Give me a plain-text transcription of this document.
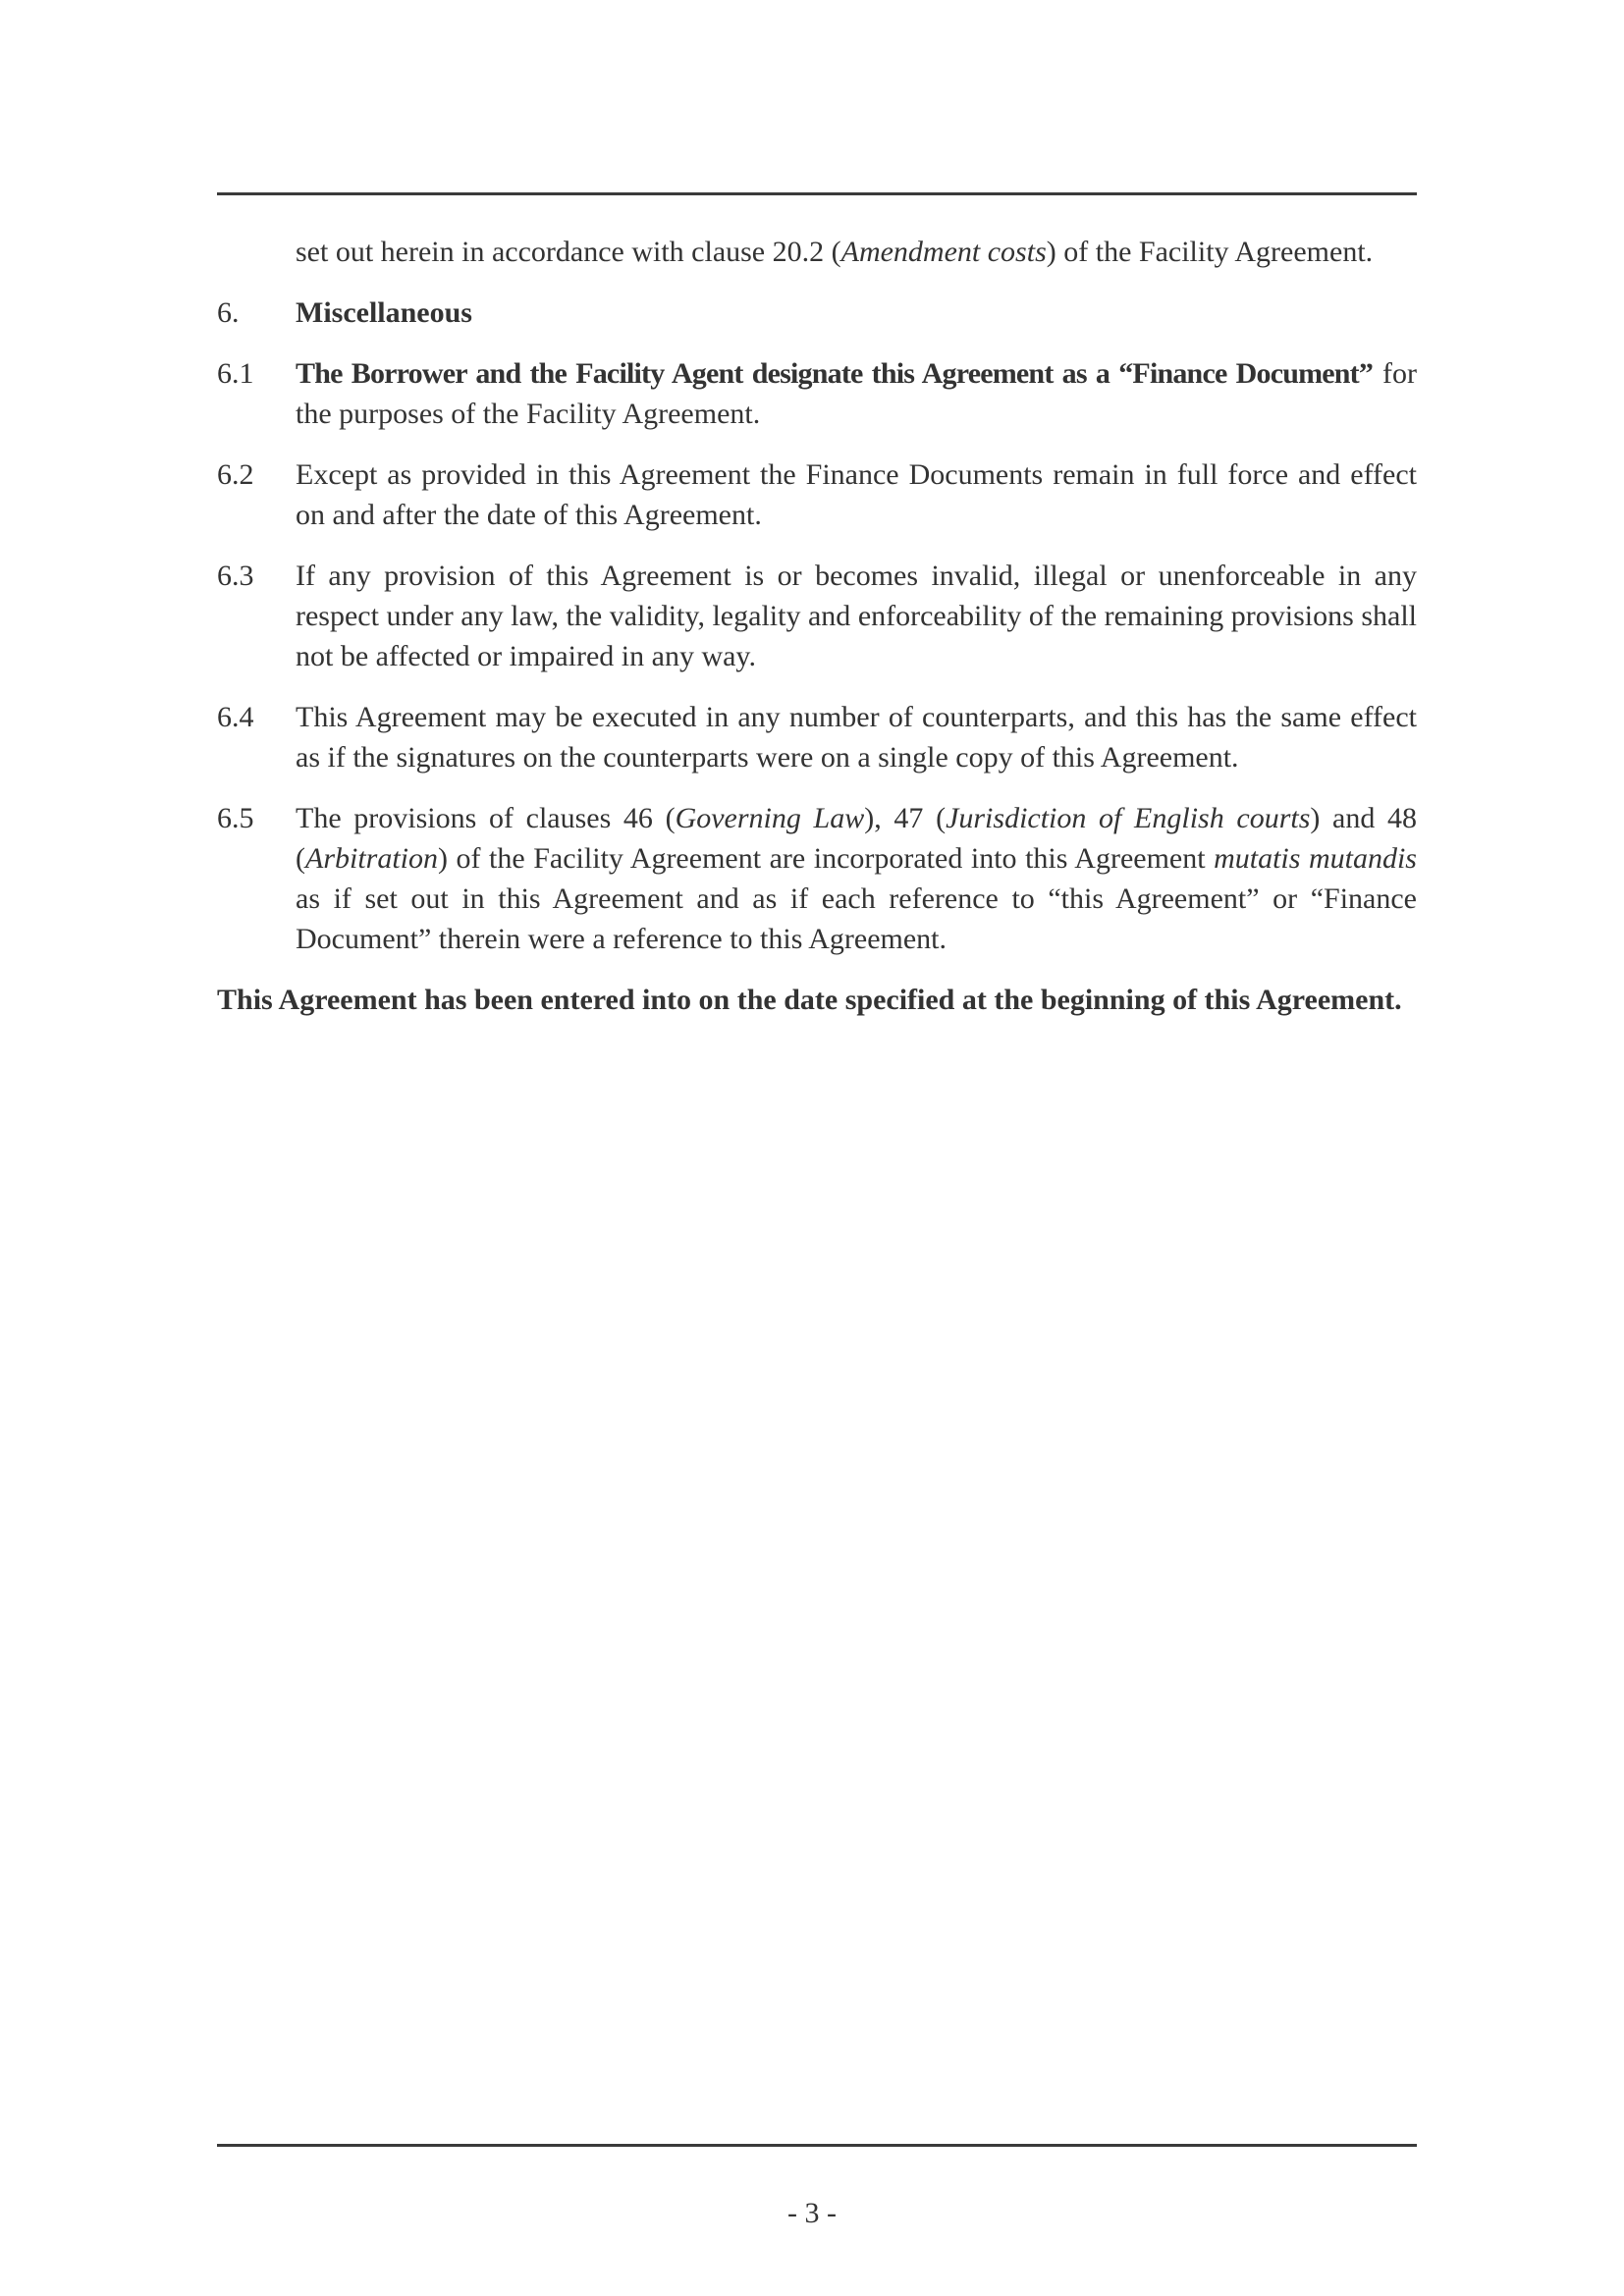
set out herein in accordance with clause 20.2 (Amendment costs) of the Facility Agreement.

6.	Miscellaneous
6.1	The Borrower and the Facility Agent designate this Agreement as a “Finance Document” for the purposes of the Facility Agreement.
6.2	Except as provided in this Agreement the Finance Documents remain in full force and effect on and after the date of this Agreement.
6.3	If any provision of this Agreement is or becomes invalid, illegal or unenforceable in any respect under any law, the validity, legality and enforceability of the remaining provisions shall not be affected or impaired in any way.
6.4	This Agreement may be executed in any number of counterparts, and this has the same effect as if the signatures on the counterparts were on a single copy of this Agreement.
6.5	The provisions of clauses 46 (Governing Law), 47 (Jurisdiction of English courts) and 48 (Arbitration) of the Facility Agreement are incorporated into this Agreement mutatis mutandis as if set out in this Agreement and as if each reference to “this Agreement” or “Finance Document” therein were a reference to this Agreement.

This Agreement has been entered into on the date specified at the beginning of this Agreement.

- 3 -
